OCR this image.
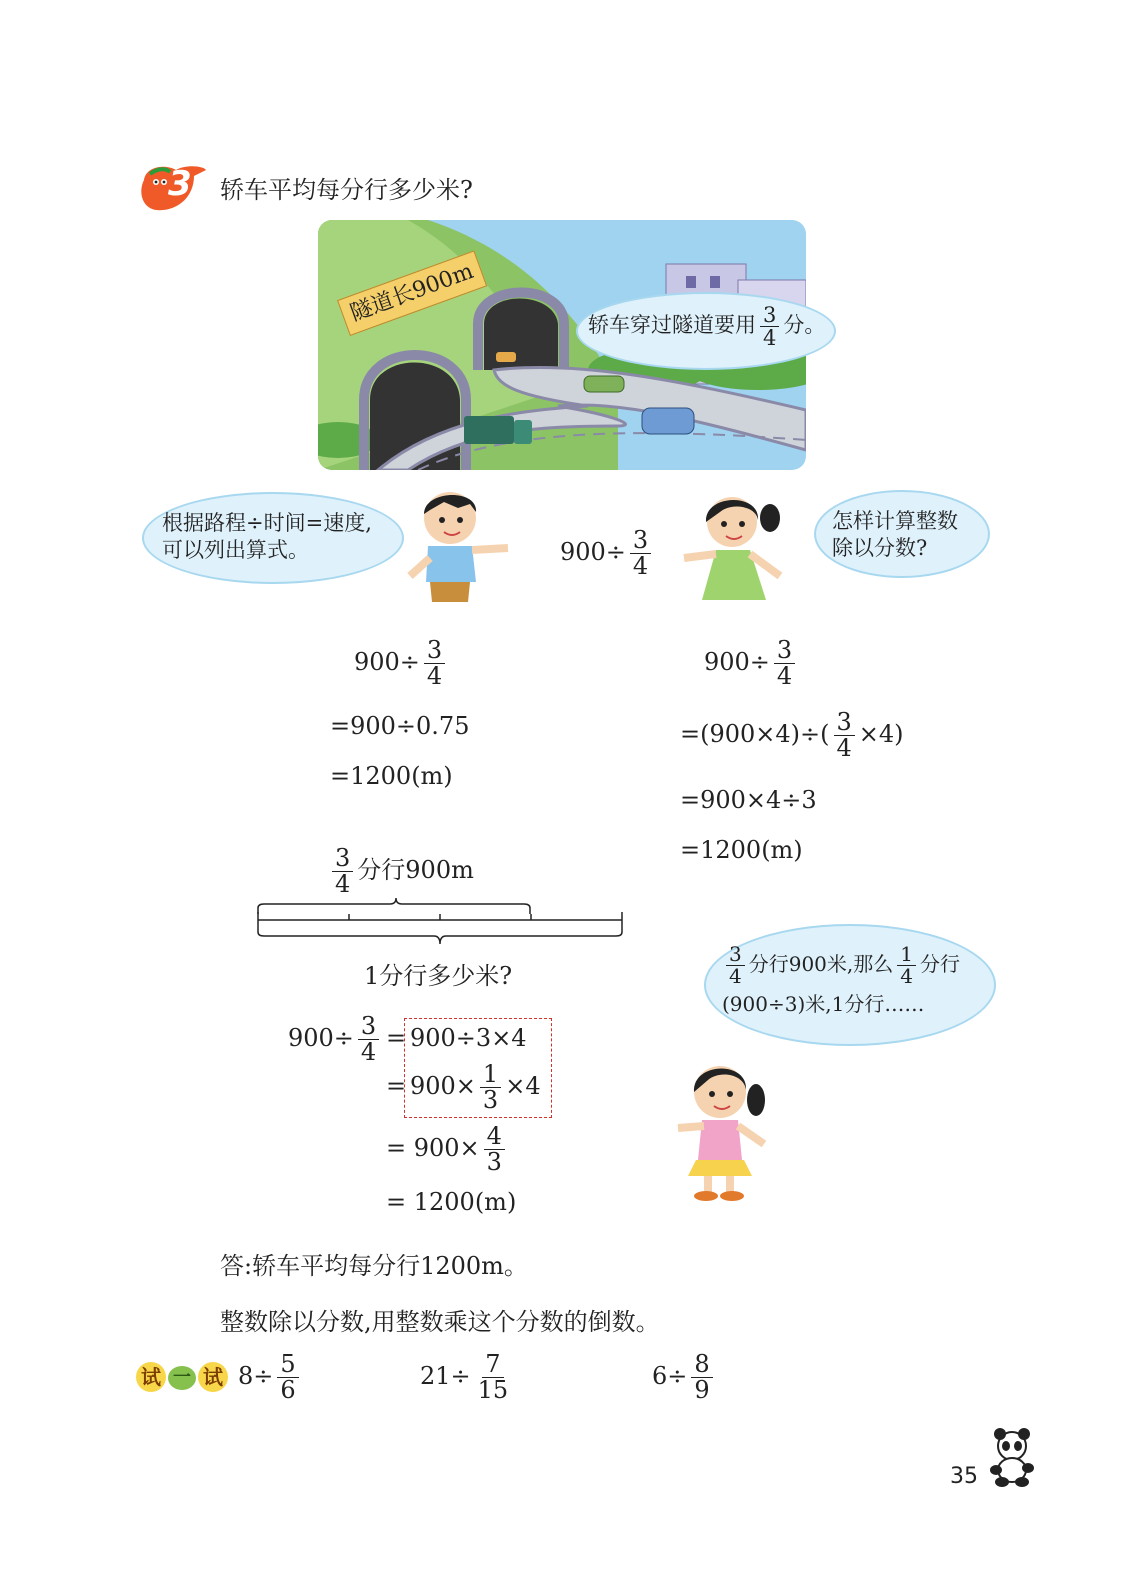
3 轿车平均每分行多少米?
隧道长900m	轿车穿过隧道要用 $\frac{3}{4}$ 分。
根据路程÷时间=速度,
可以列出算式。	$900\div \frac{3}{4}$
怎样计算整数
除以分数?
$900\div \frac{3}{4}$
=900÷0.75
=1200(m)
$900\div \frac{3}{4}$
$=(900\times 4)\div( \frac{3}{4} \times 4)$
=900×4÷3
=1200(m)
$\frac{3}{4}$ 分行900m
1分行多少米?	$\frac{3}{4}$ 分行900米,那么 $\frac{1}{4}$ 分行
(900÷3)米,1分行……
$900\div \frac{3}{4}$ =
=
900÷3×4
$900\times \frac{1}{3} \times 4$
= $900\times \frac{4}{3}$
= 1200(m)
答:轿车平均每分行1200m。
整数除以分数,用整数乘这个分数的倒数。
试 一 试 $8\div \frac{5}{6}$	$21\div \frac{7}{15}$	$6\div \frac{8}{9}$
35
